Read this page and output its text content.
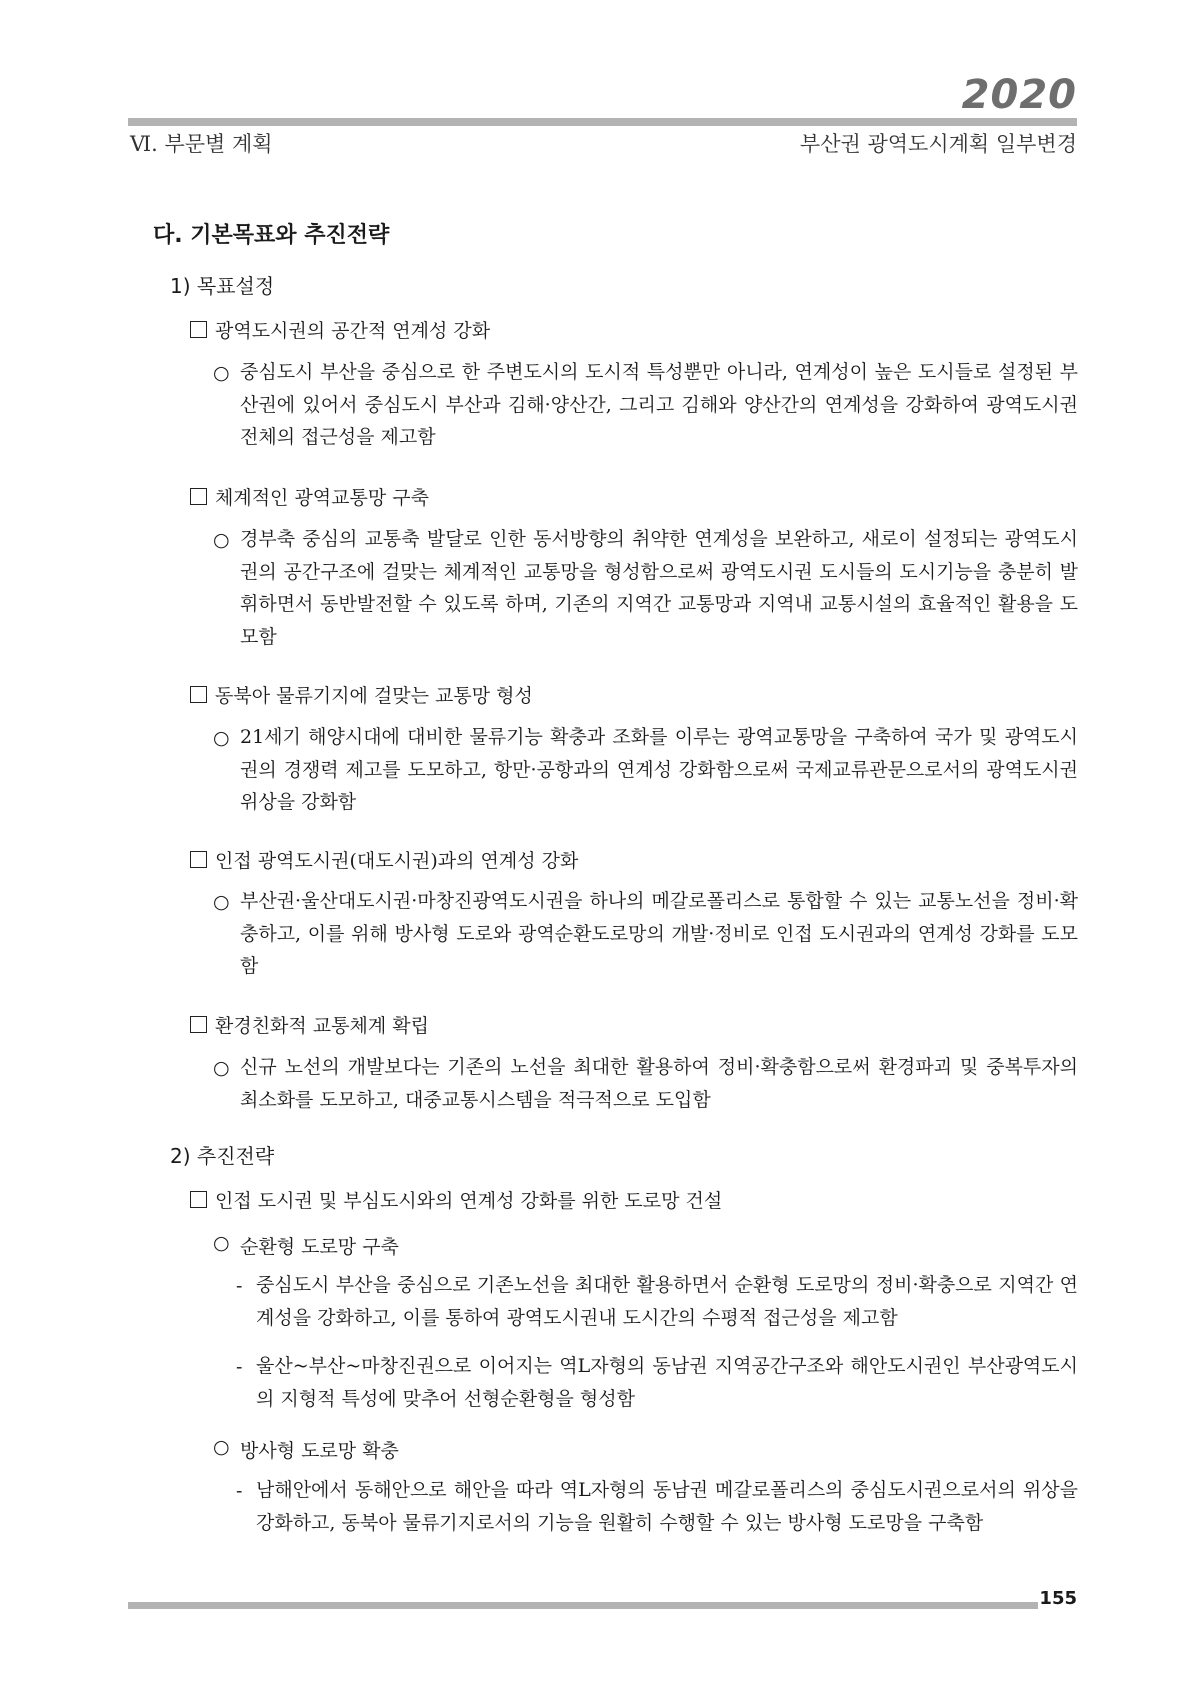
2020
Ⅵ. 부문별 계획	부산권 광역도시계획 일부변경
다. 기본목표와 추진전략
1) 목표설정
광역도시권의 공간적 연계성 강화
○ 중심도시 부산을 중심으로 한 주변도시의 도시적 특성뿐만 아니라, 연계성이 높은 도시들로 설정된 부산권에 있어서 중심도시 부산과 김해·양산간, 그리고 김해와 양산간의 연계성을 강화하여 광역도시권 전체의 접근성을 제고함
체계적인 광역교통망 구축
○ 경부축 중심의 교통축 발달로 인한 동서방향의 취약한 연계성을 보완하고, 새로이 설정되는 광역도시권의 공간구조에 걸맞는 체계적인 교통망을 형성함으로써 광역도시권 도시들의 도시기능을 충분히 발휘하면서 동반발전할 수 있도록 하며, 기존의 지역간 교통망과 지역내 교통시설의 효율적인 활용을 도모함
동북아 물류기지에 걸맞는 교통망 형성
○ 21세기 해양시대에 대비한 물류기능 확충과 조화를 이루는 광역교통망을 구축하여 국가 및 광역도시권의 경쟁력 제고를 도모하고, 항만·공항과의 연계성 강화함으로써 국제교류관문으로서의 광역도시권 위상을 강화함
인접 광역도시권(대도시권)과의 연계성 강화
○ 부산권·울산대도시권·마창진광역도시권을 하나의 메갈로폴리스로 통합할 수 있는 교통노선을 정비·확충하고, 이를 위해 방사형 도로와 광역순환도로망의 개발·정비로 인접 도시권과의 연계성 강화를 도모함
환경친화적 교통체계 확립
○ 신규 노선의 개발보다는 기존의 노선을 최대한 활용하여 정비·확충함으로써 환경파괴 및 중복투자의 최소화를 도모하고, 대중교통시스템을 적극적으로 도입함
2) 추진전략
인접 도시권 및 부심도시와의 연계성 강화를 위한 도로망 건설
○ 순환형 도로망 구축
- 중심도시 부산을 중심으로 기존노선을 최대한 활용하면서 순환형 도로망의 정비·확충으로 지역간 연계성을 강화하고, 이를 통하여 광역도시권내 도시간의 수평적 접근성을 제고함
- 울산~부산~마창진권으로 이어지는 역L자형의 동남권 지역공간구조와 해안도시권인 부산광역도시의 지형적 특성에 맞추어 선형순환형을 형성함
○ 방사형 도로망 확충
- 남해안에서 동해안으로 해안을 따라 역L자형의 동남권 메갈로폴리스의 중심도시권으로서의 위상을 강화하고, 동북아 물류기지로서의 기능을 원활히 수행할 수 있는 방사형 도로망을 구축함
155
